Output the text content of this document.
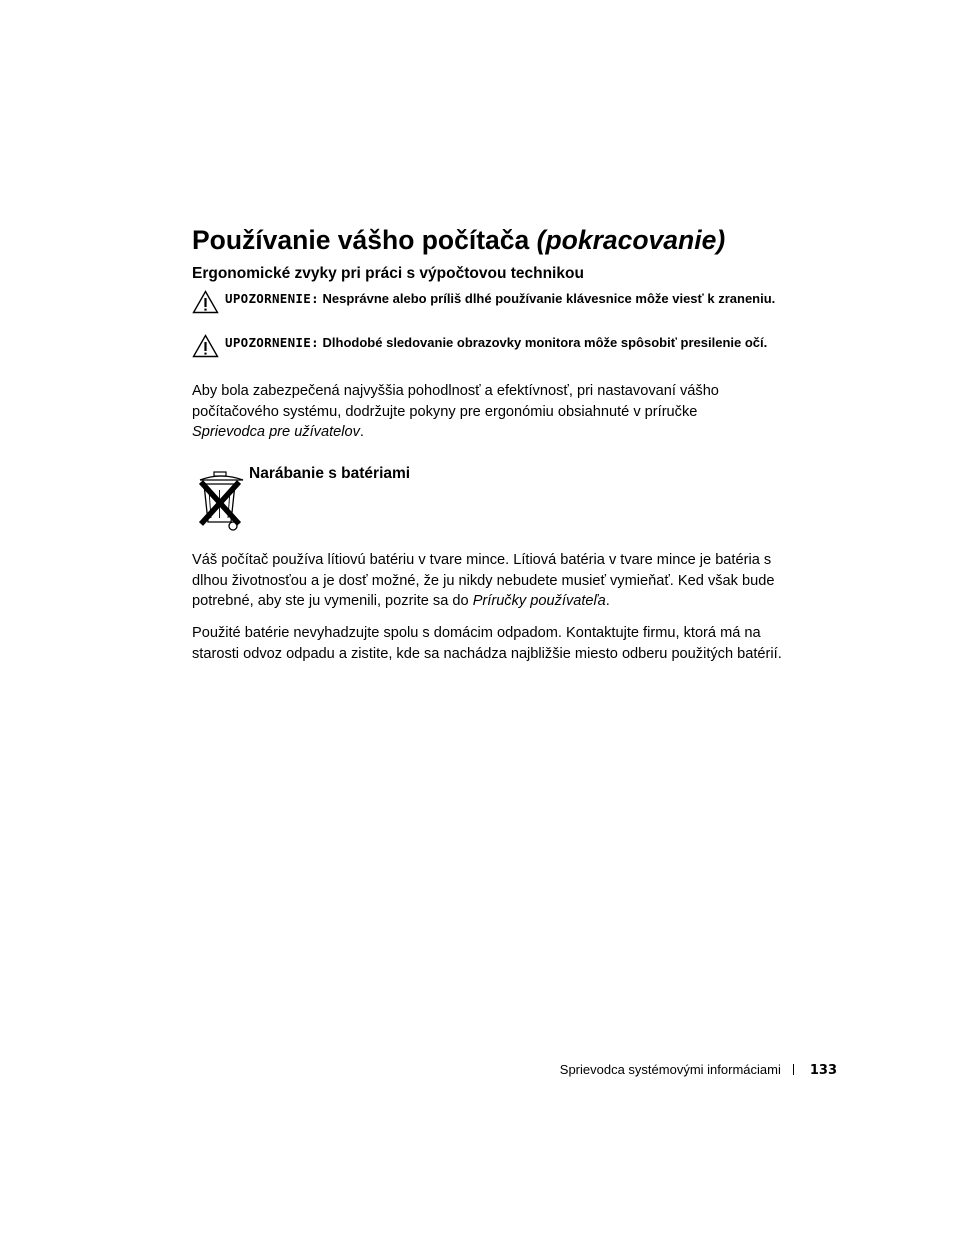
Používanie vášho počítača (pokracovanie)
Ergonomické zvyky pri práci s výpočtovou technikou
UPOZORNENIE: Nesprávne alebo príliš dlhé používanie klávesnice môže viesť k zraneniu.
UPOZORNENIE: Dlhodobé sledovanie obrazovky monitora môže spôsobiť presilenie očí.

Aby bola zabezpečená najvyššia pohodlnosť a efektívnosť, pri nastavovaní vášho počítačového systému, dodržujte pokyny pre ergonómiu obsiahnuté v príručke Sprievodca pre užívatelov.

Narábanie s batériami

Váš počítač používa lítiovú batériu v tvare mince. Lítiová batéria v tvare mince je batéria s dlhou životnosťou a je dosť možné, že ju nikdy nebudete musieť vymieňať. Ked však bude potrebné, aby ste ju vymenili, pozrite sa do Príručky používateľa.

Použité batérie nevyhadzujte spolu s domácim odpadom. Kontaktujte firmu, ktorá má na starosti odvoz odpadu a zistite, kde sa nachádza najbližšie miesto odberu použitých batérií.

Sprievodca systémovými informáciami 133
